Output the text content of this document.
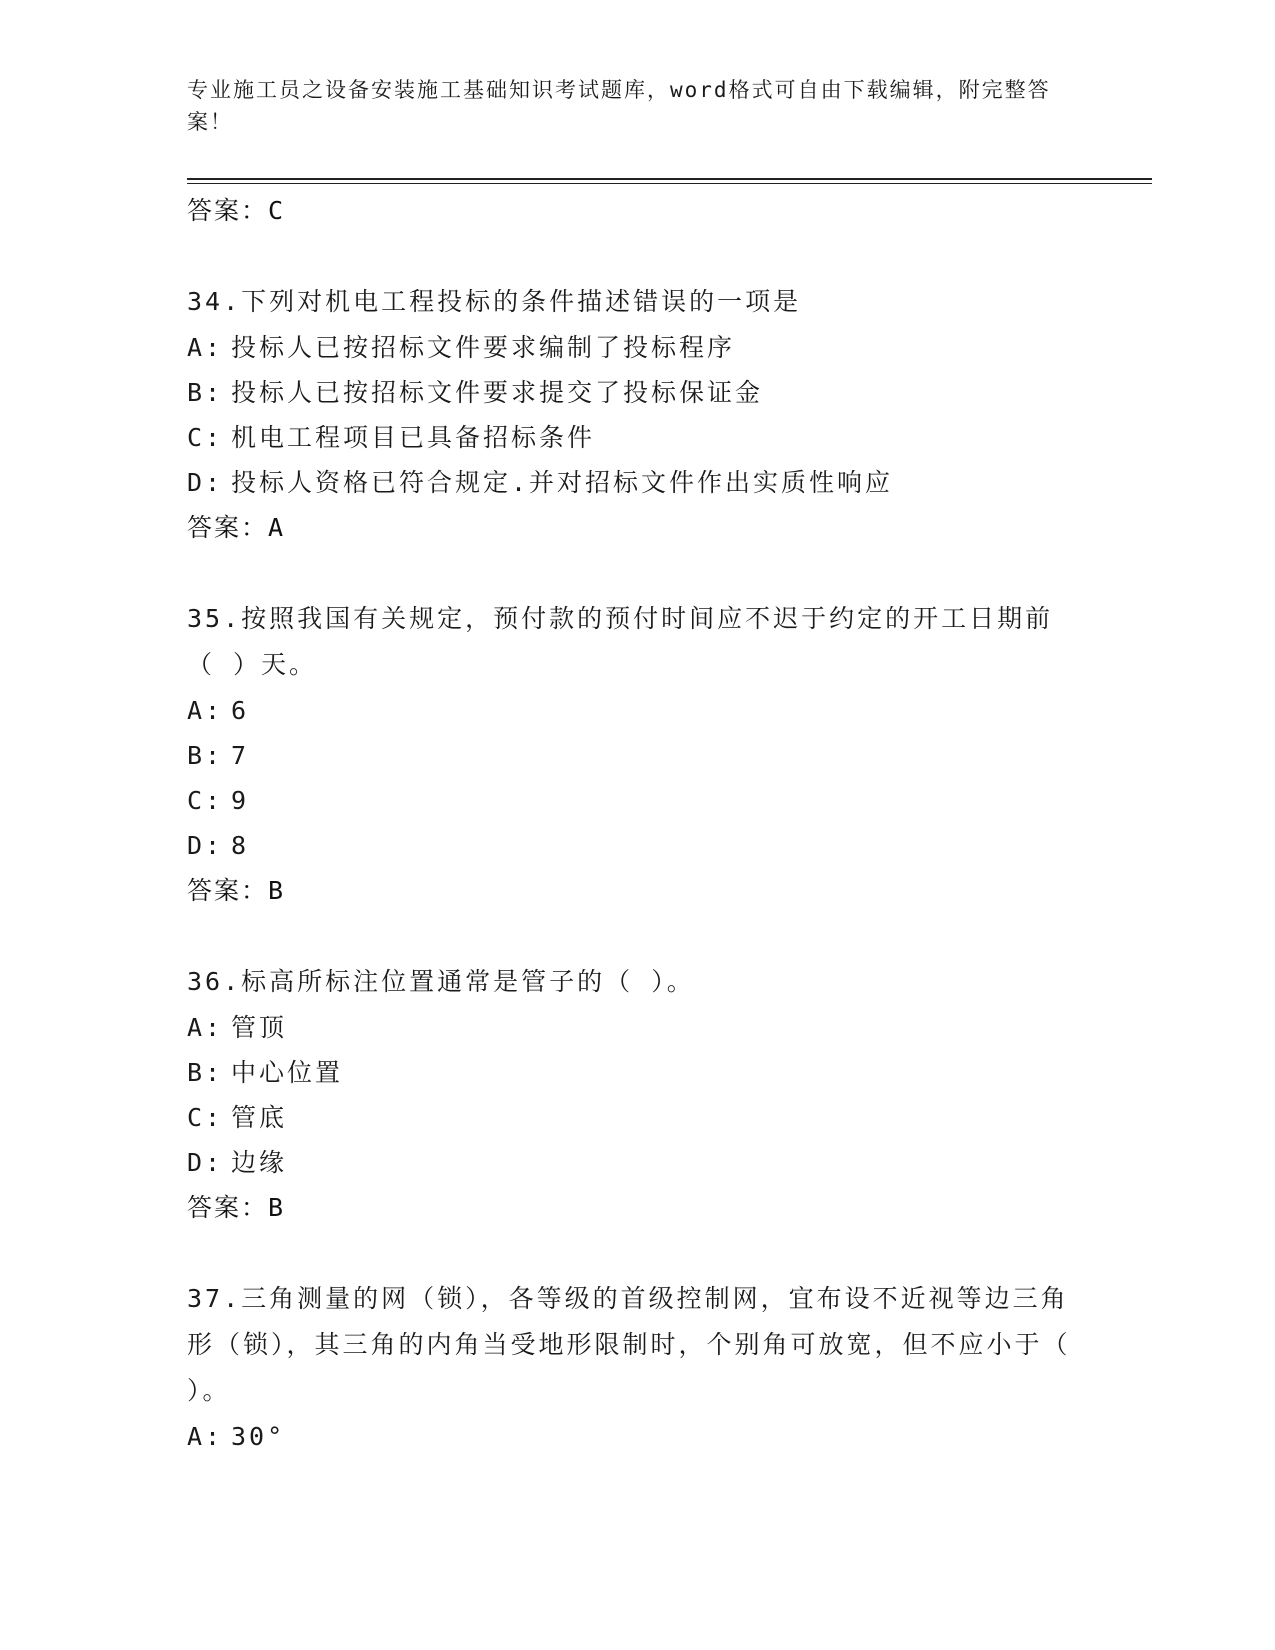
专业施工员之设备安装施工基础知识考试题库，word格式可自由下载编辑，附完整答案！
答案：C
34.下列对机电工程投标的条件描述错误的一项是
A: 投标人已按招标文件要求编制了投标程序
B: 投标人已按招标文件要求提交了投标保证金
C: 机电工程项目已具备招标条件
D: 投标人资格已符合规定.并对招标文件作出实质性响应
答案：A
35.按照我国有关规定，预付款的预付时间应不迟于约定的开工日期前（ ）天。
A: 6
B: 7
C: 9
D: 8
答案：B
36.标高所标注位置通常是管子的（ ）。
A: 管顶
B: 中心位置
C: 管底
D: 边缘
答案：B
37.三角测量的网（锁），各等级的首级控制网，宜布设不近视等边三角形（锁），其三角的内角当受地形限制时，个别角可放宽，但不应小于（ ）。
A: 30°
